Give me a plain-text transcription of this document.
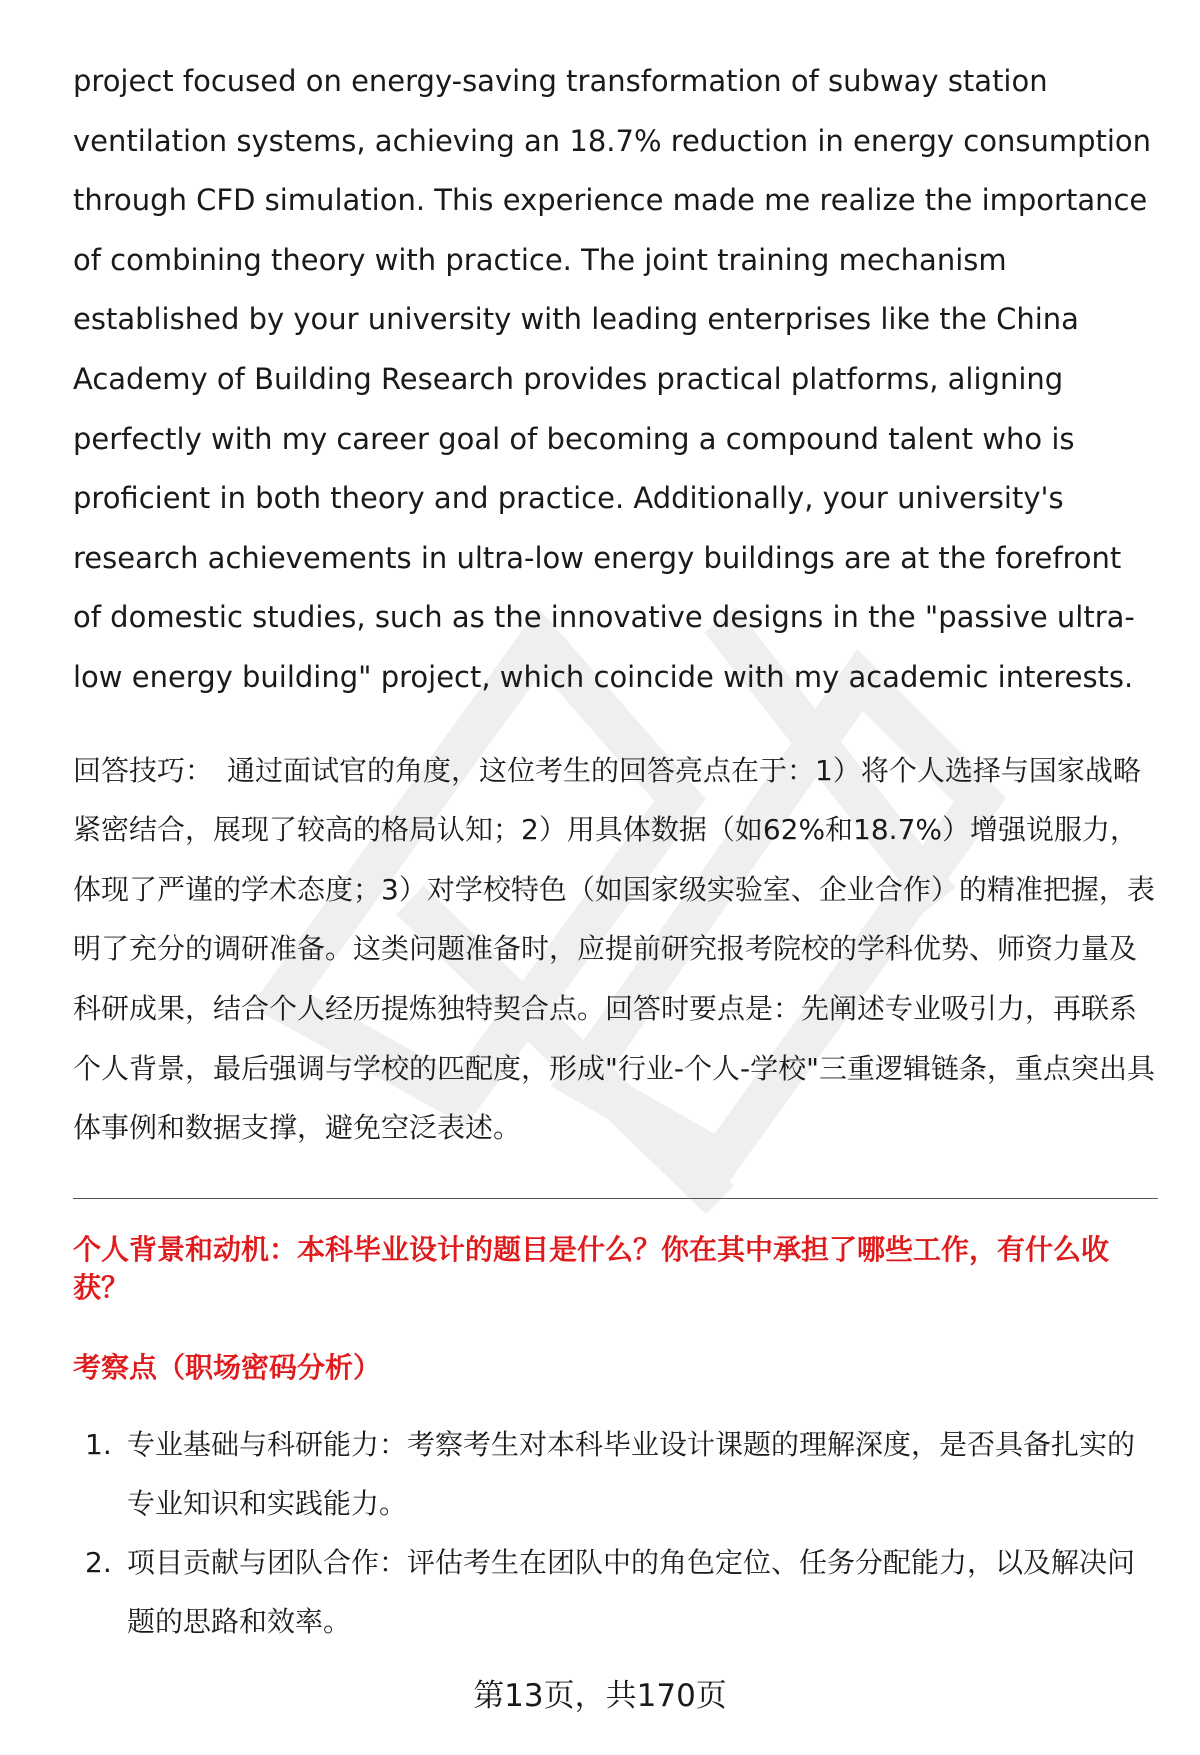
project focused on energy-saving transformation of subway station ventilation systems, achieving an 18.7% reduction in energy consumption through CFD simulation. This experience made me realize the importance of combining theory with practice. The joint training mechanism established by your university with leading enterprises like the China Academy of Building Research provides practical platforms, aligning perfectly with my career goal of becoming a compound talent who is proficient in both theory and practice. Additionally, your university's research achievements in ultra-low energy buildings are at the forefront of domestic studies, such as the innovative designs in the "passive ultra-low energy building" project, which coincide with my academic interests.

回答技巧： 通过面试官的角度，这位考生的回答亮点在于：1）将个人选择与国家战略紧密结合，展现了较高的格局认知；2）用具体数据（如62%和18.7%）增强说服力，体现了严谨的学术态度；3）对学校特色（如国家级实验室、企业合作）的精准把握，表明了充分的调研准备。这类问题准备时，应提前研究报考院校的学科优势、师资力量及科研成果，结合个人经历提炼独特契合点。回答时要点是：先阐述专业吸引力，再联系个人背景，最后强调与学校的匹配度，形成"行业-个人-学校"三重逻辑链条，重点突出具体事例和数据支撑，避免空泛表述。

个人背景和动机：本科毕业设计的题目是什么？你在其中承担了哪些工作，有什么收获？
考察点（职场密码分析）
1. 专业基础与科研能力：考察考生对本科毕业设计课题的理解深度，是否具备扎实的专业知识和实践能力。
2. 项目贡献与团队合作：评估考生在团队中的角色定位、任务分配能力，以及解决问题的思路和效率。
第13页，共170页
